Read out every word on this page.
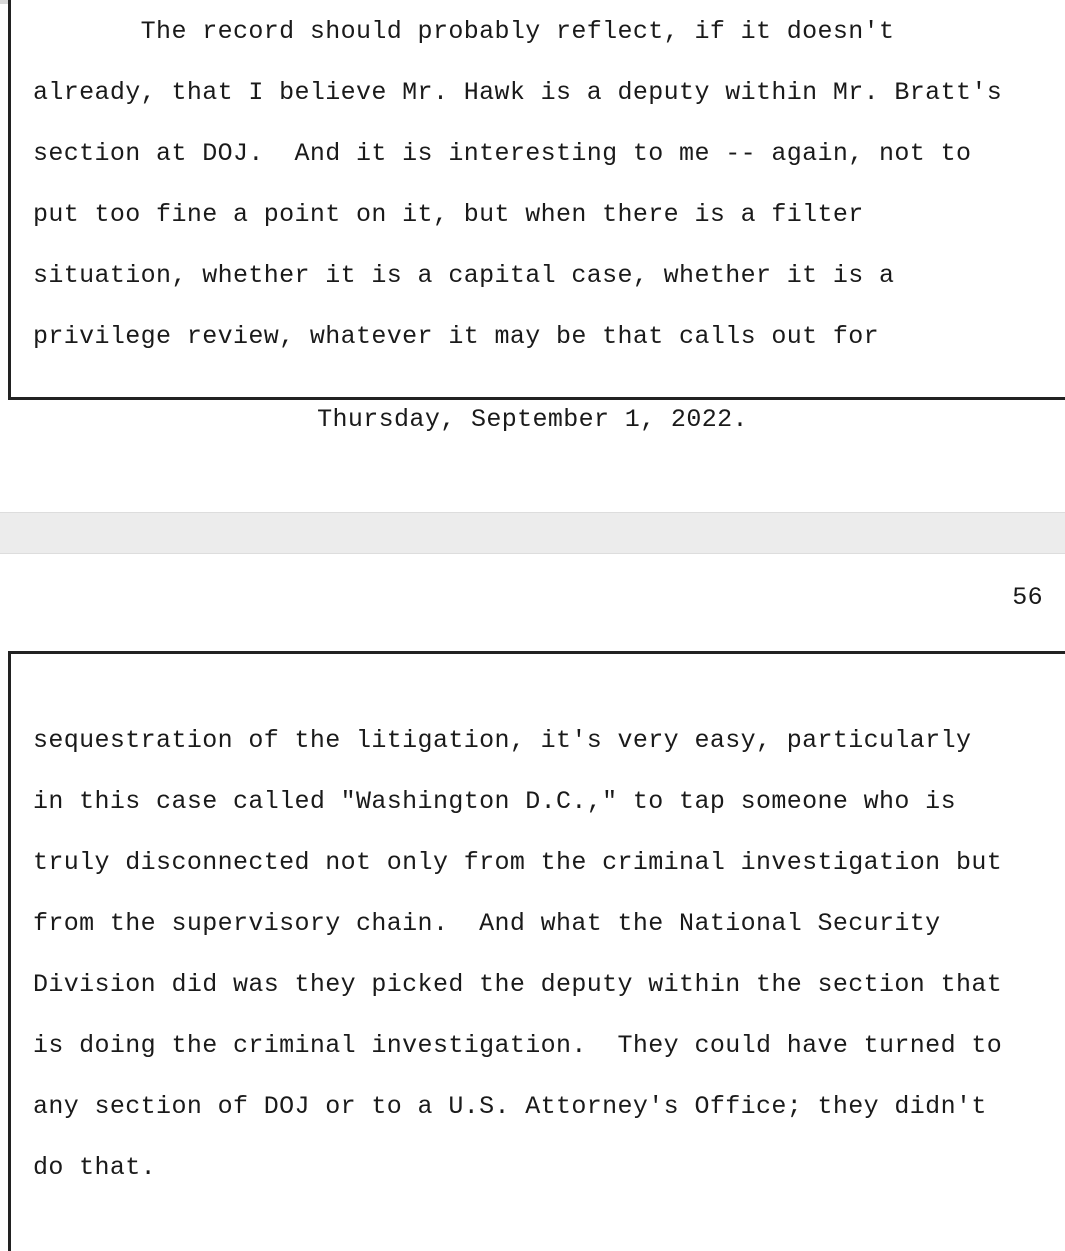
The record should probably reflect, if it doesn't
already, that I believe Mr. Hawk is a deputy within Mr. Bratt's
section at DOJ.  And it is interesting to me -- again, not to
put too fine a point on it, but when there is a filter
situation, whether it is a capital case, whether it is a
privilege review, whatever it may be that calls out for
Thursday, September 1, 2022.
56
sequestration of the litigation, it's very easy, particularly
in this case called "Washington D.C.," to tap someone who is
truly disconnected not only from the criminal investigation but
from the supervisory chain.  And what the National Security
Division did was they picked the deputy within the section that
is doing the criminal investigation.  They could have turned to
any section of DOJ or to a U.S. Attorney's Office; they didn't
do that.
